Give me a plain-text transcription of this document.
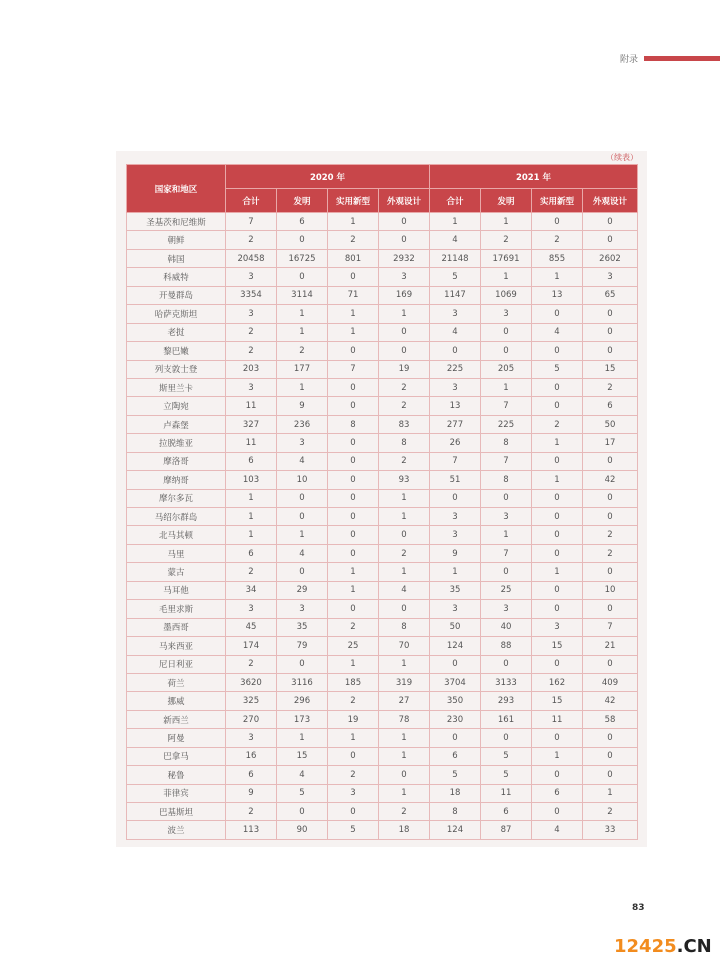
附录
（续表）
国家和地区	2020 年				2021 年			
	合计	发明	实用新型	外观设计	合计	发明	实用新型	外观设计
圣基茨和尼维斯	7	6	1	0	1	1	0	0
朝鲜	2	0	2	0	4	2	2	0
韩国	20458	16725	801	2932	21148	17691	855	2602
科威特	3	0	0	3	5	1	1	3
开曼群岛	3354	3114	71	169	1147	1069	13	65
哈萨克斯坦	3	1	1	1	3	3	0	0
老挝	2	1	1	0	4	0	4	0
黎巴嫩	2	2	0	0	0	0	0	0
列支敦士登	203	177	7	19	225	205	5	15
斯里兰卡	3	1	0	2	3	1	0	2
立陶宛	11	9	0	2	13	7	0	6
卢森堡	327	236	8	83	277	225	2	50
拉脱维亚	11	3	0	8	26	8	1	17
摩洛哥	6	4	0	2	7	7	0	0
摩纳哥	103	10	0	93	51	8	1	42
摩尔多瓦	1	0	0	1	0	0	0	0
马绍尔群岛	1	0	0	1	3	3	0	0
北马其顿	1	1	0	0	3	1	0	2
马里	6	4	0	2	9	7	0	2
蒙古	2	0	1	1	1	0	1	0
马耳他	34	29	1	4	35	25	0	10
毛里求斯	3	3	0	0	3	3	0	0
墨西哥	45	35	2	8	50	40	3	7
马来西亚	174	79	25	70	124	88	15	21
尼日利亚	2	0	1	1	0	0	0	0
荷兰	3620	3116	185	319	3704	3133	162	409
挪威	325	296	2	27	350	293	15	42
新西兰	270	173	19	78	230	161	11	58
阿曼	3	1	1	1	0	0	0	0
巴拿马	16	15	0	1	6	5	1	0
秘鲁	6	4	2	0	5	5	0	0
菲律宾	9	5	3	1	18	11	6	1
巴基斯坦	2	0	0	2	8	6	0	2
波兰	113	90	5	18	124	87	4	33
83
12425.CN
